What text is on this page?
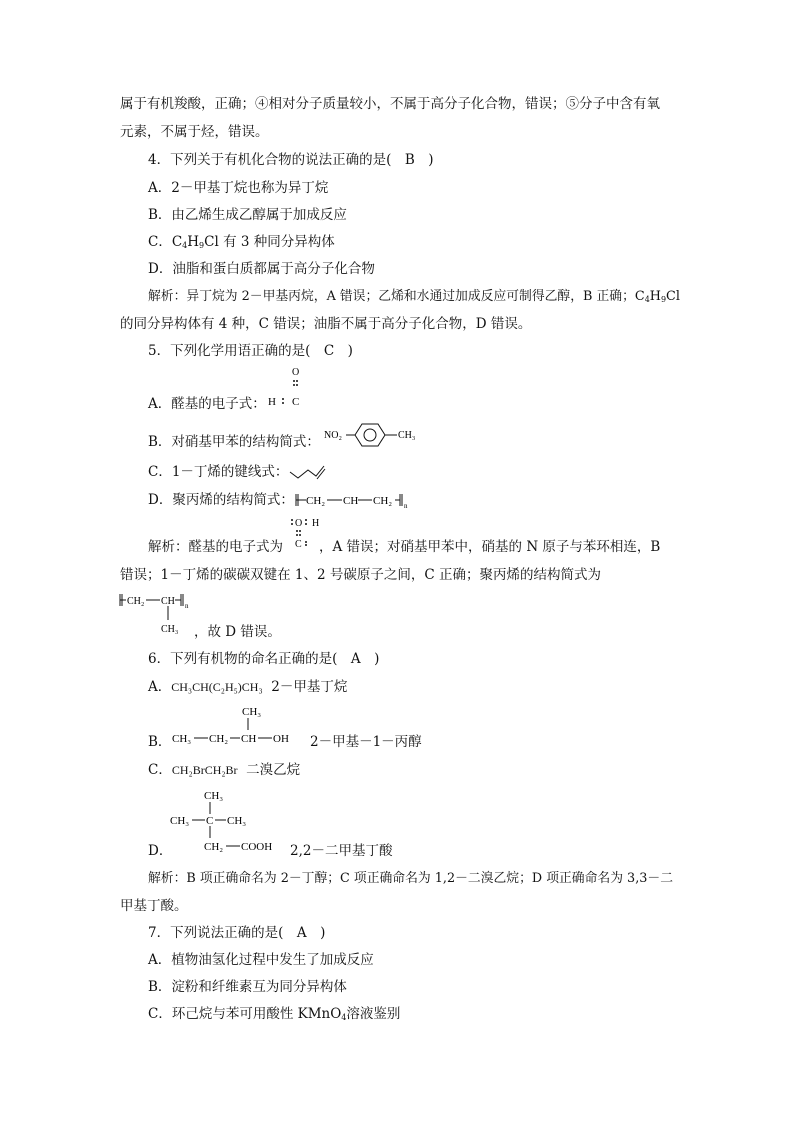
属于有机羧酸，正确；④相对分子质量较小，不属于高分子化合物，错误；⑤分子中含有氧
元素，不属于烃，错误。
4．下列关于有机化合物的说法正确的是(　B　)
A．2－甲基丁烷也称为异丁烷
B．由乙烯生成乙醇属于加成反应
C．$C_4H_9Cl$ 有 3 种同分异构体
D．油脂和蛋白质都属于高分子化合物
解析：异丁烷为 2－甲基丙烷，A 错误；乙烯和水通过加成反应可制得乙醇，B 正确；$C_4H_9Cl$
的同分异构体有 4 种，C 错误；油脂不属于高分子化合物，D 错误。
5．下列化学用语正确的是(　C　)
A．醛基的电子式：
O
H C
B．对硝基甲苯的结构简式： NO₂	CH₃
C．1－丁烯的键线式：
D．聚丙烯的结构简式： CH₂ CH CH₂ n
O H
C
解析：醛基的电子式为	，A 错误；对硝基甲苯中，硝基的 N 原子与苯环相连，B
错误；1－丁烯的碳碳双键在 1、2 号碳原子之间，C 正确；聚丙烯的结构简式为
CH₂ CH n
CH₃ ，故 D 错误。
6．下列有机物的命名正确的是(　A　)
A．CH₃CH(C₂H₅)CH₃ 2－甲基丁烷
B．
CH₃
CH₃ CH₂ CH OH 2－甲基－1－丙醇
C．CH₂BrCH₂Br 二溴乙烷
CH₃
CH₃ C CH₃
CH₂ COOH
D．	2,2－二甲基丁酸
解析：B 项正确命名为 2－丁醇；C 项正确命名为 1,2－二溴乙烷；D 项正确命名为 3,3－二
甲基丁酸。
7．下列说法正确的是(　A　)
A．植物油氢化过程中发生了加成反应
B．淀粉和纤维素互为同分异构体
C．环己烷与苯可用酸性 KMnO$_4$溶液鉴别
